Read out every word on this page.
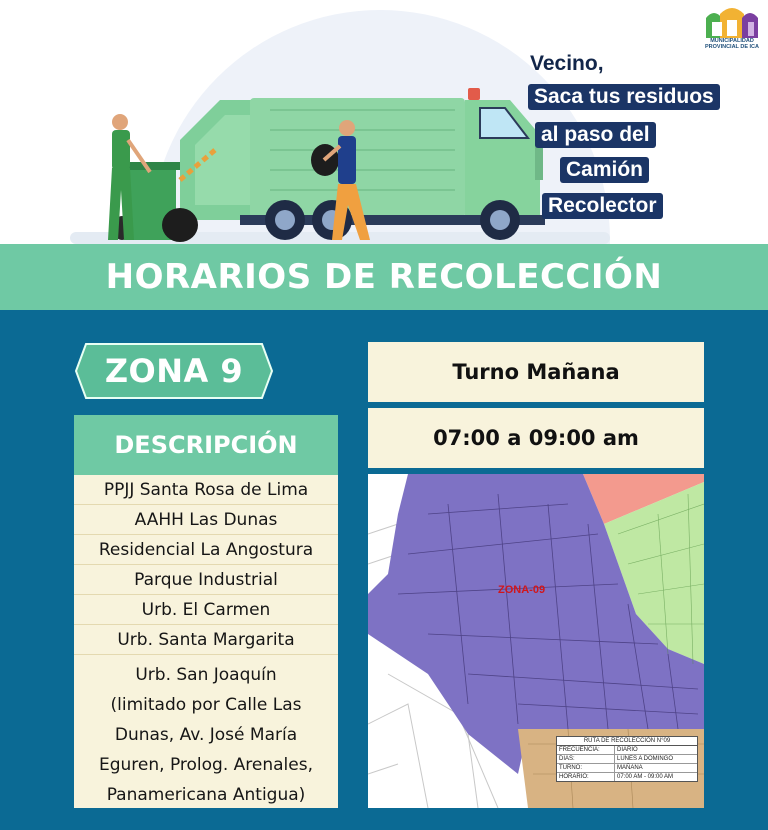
MUNICIPALIDAD
PROVINCIAL DE ICA
Vecino,
Saca tus residuos
al paso del
Camión
Recolector
HORARIOS DE RECOLECCIÓN
ZONA 9
DESCRIPCIÓN
PPJJ Santa Rosa de Lima
AAHH Las Dunas
Residencial La Angostura
Parque Industrial
Urb. El Carmen
Urb. Santa Margarita
Urb. San Joaquín
(limitado por Calle Las
Dunas, Av. José María
Eguren, Prolog. Arenales,
Panamericana Antigua)
Turno Mañana
07:00 a 09:00 am
ZONA-09
RUTA DE RECOLECCIÓN N°09
FRECUENCIA:	DIARIO
DIAS:	LUNES A DOMINGO
TURNO:	MAÑANA
HORARIO:	07:00 AM - 09:00 AM
